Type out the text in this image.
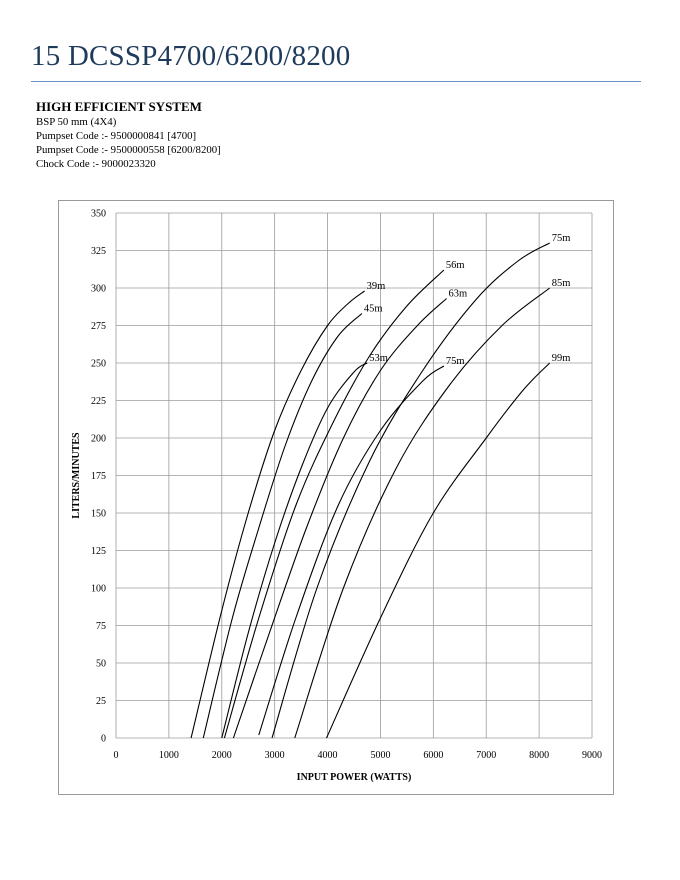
15 DCSSP4700/6200/8200
HIGH EFFICIENT SYSTEM
BSP 50 mm (4X4)
Pumpset Code :- 9500000841 [4700]
Pumpset Code :- 9500000558 [6200/8200]
Chock Code :- 9000023320
39m
45m
53m
56m
63m
75m
75m
85m
99m
0	1000	2000	3000	4000	5000	6000	7000	8000	9000
0
25
50
75
100
125
150
175
200
225
250
275
300
325
350
INPUT POWER (WATTS)
LITERS/MINUTES
